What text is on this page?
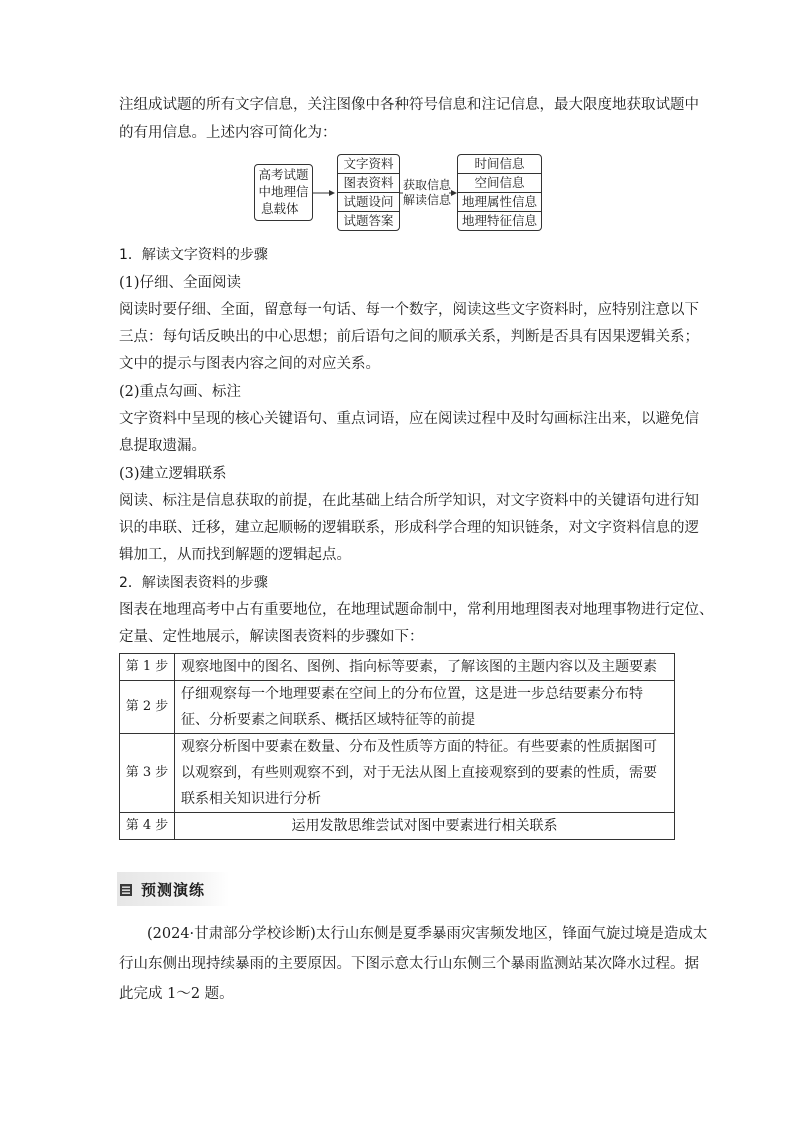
注组成试题的所有文字信息，关注图像中各种符号信息和注记信息，最大限度地获取试题中
的有用信息。上述内容可简化为：
高考试题
中地理信
息载体
文字资料
图表资料
试题设问
试题答案
获取信息
解读信息
时间信息
空间信息
地理属性信息
地理特征信息
1．解读文字资料的步骤
(1)仔细、全面阅读
阅读时要仔细、全面，留意每一句话、每一个数字，阅读这些文字资料时，应特别注意以下
三点：每句话反映出的中心思想；前后语句之间的顺承关系，判断是否具有因果逻辑关系；
文中的提示与图表内容之间的对应关系。
(2)重点勾画、标注
文字资料中呈现的核心关键语句、重点词语，应在阅读过程中及时勾画标注出来，以避免信
息提取遗漏。
(3)建立逻辑联系
阅读、标注是信息获取的前提，在此基础上结合所学知识，对文字资料中的关键语句进行知
识的串联、迁移，建立起顺畅的逻辑联系，形成科学合理的知识链条，对文字资料信息的逻
辑加工，从而找到解题的逻辑起点。
2．解读图表资料的步骤
图表在地理高考中占有重要地位，在地理试题命制中，常利用地理图表对地理事物进行定位、
定量、定性地展示，解读图表资料的步骤如下：
第 1 步	观察地图中的图名、图例、指向标等要素，了解该图的主题内容以及主题要素
第 2 步	仔细观察每一个地理要素在空间上的分布位置，这是进一步总结要素分布特征、分析要素之间联系、概括区域特征等的前提
第 3 步	观察分析图中要素在数量、分布及性质等方面的特征。有些要素的性质据图可以观察到，有些则观察不到，对于无法从图上直接观察到的要素的性质，需要联系相关知识进行分析
第 4 步	运用发散思维尝试对图中要素进行相关联系
预测演练
(2024·甘肃部分学校诊断)太行山东侧是夏季暴雨灾害频发地区，锋面气旋过境是造成太
行山东侧出现持续暴雨的主要原因。下图示意太行山东侧三个暴雨监测站某次降水过程。据
此完成 1～2 题。
